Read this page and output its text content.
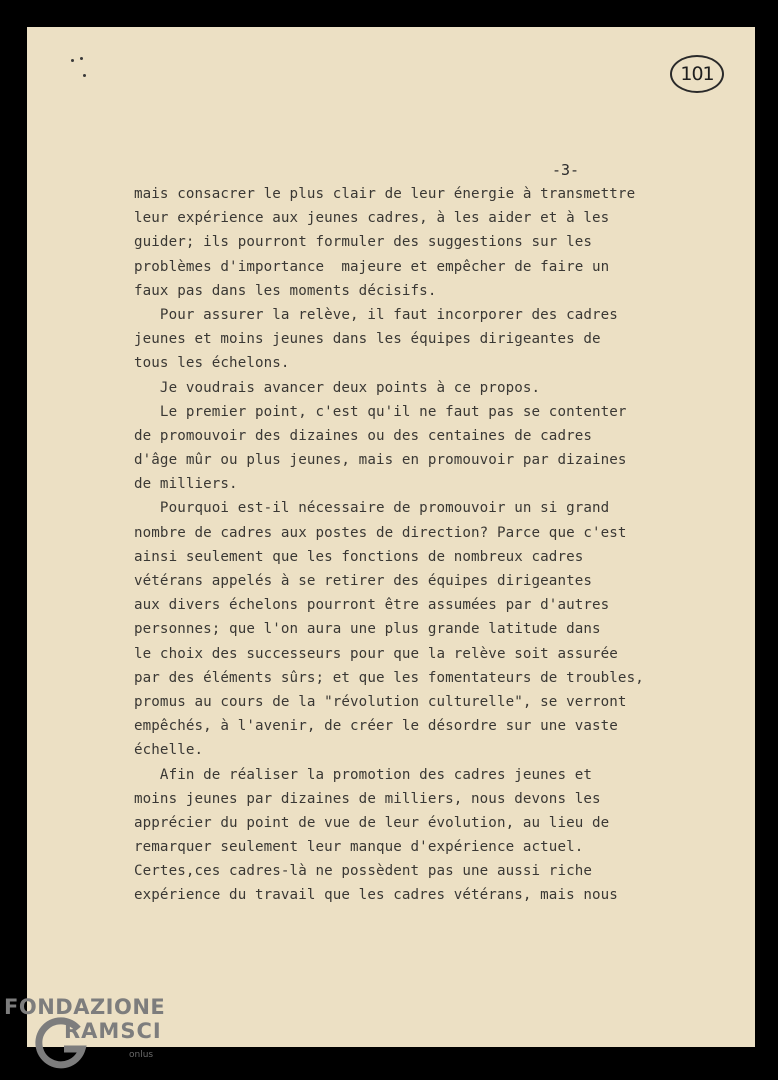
101
-3-
mais consacrer le plus clair de leur énergie à transmettre
leur expérience aux jeunes cadres, à les aider et à les
guider; ils pourront formuler des suggestions sur les
problèmes d'importance  majeure et empêcher de faire un
faux pas dans les moments décisifs.
Pour assurer la relève, il faut incorporer des cadres
jeunes et moins jeunes dans les équipes dirigeantes de
tous les échelons.
Je voudrais avancer deux points à ce propos.
Le premier point, c'est qu'il ne faut pas se contenter
de promouvoir des dizaines ou des centaines de cadres
d'âge mûr ou plus jeunes, mais en promouvoir par dizaines
de milliers.
Pourquoi est-il nécessaire de promouvoir un si grand
nombre de cadres aux postes de direction? Parce que c'est
ainsi seulement que les fonctions de nombreux cadres
vétérans appelés à se retirer des équipes dirigeantes
aux divers échelons pourront être assumées par d'autres
personnes; que l'on aura une plus grande latitude dans
le choix des successeurs pour que la relève soit assurée
par des éléments sûrs; et que les fomentateurs de troubles,
promus au cours de la "révolution culturelle", se verront
empêchés, à l'avenir, de créer le désordre sur une vaste
échelle.
Afin de réaliser la promotion des cadres jeunes et
moins jeunes par dizaines de milliers, nous devons les
apprécier du point de vue de leur évolution, au lieu de
remarquer seulement leur manque d'expérience actuel.
Certes,ces cadres-là ne possèdent pas une aussi riche
expérience du travail que les cadres vétérans, mais nous
FONDAZIONE
RAMSCI
onlus
